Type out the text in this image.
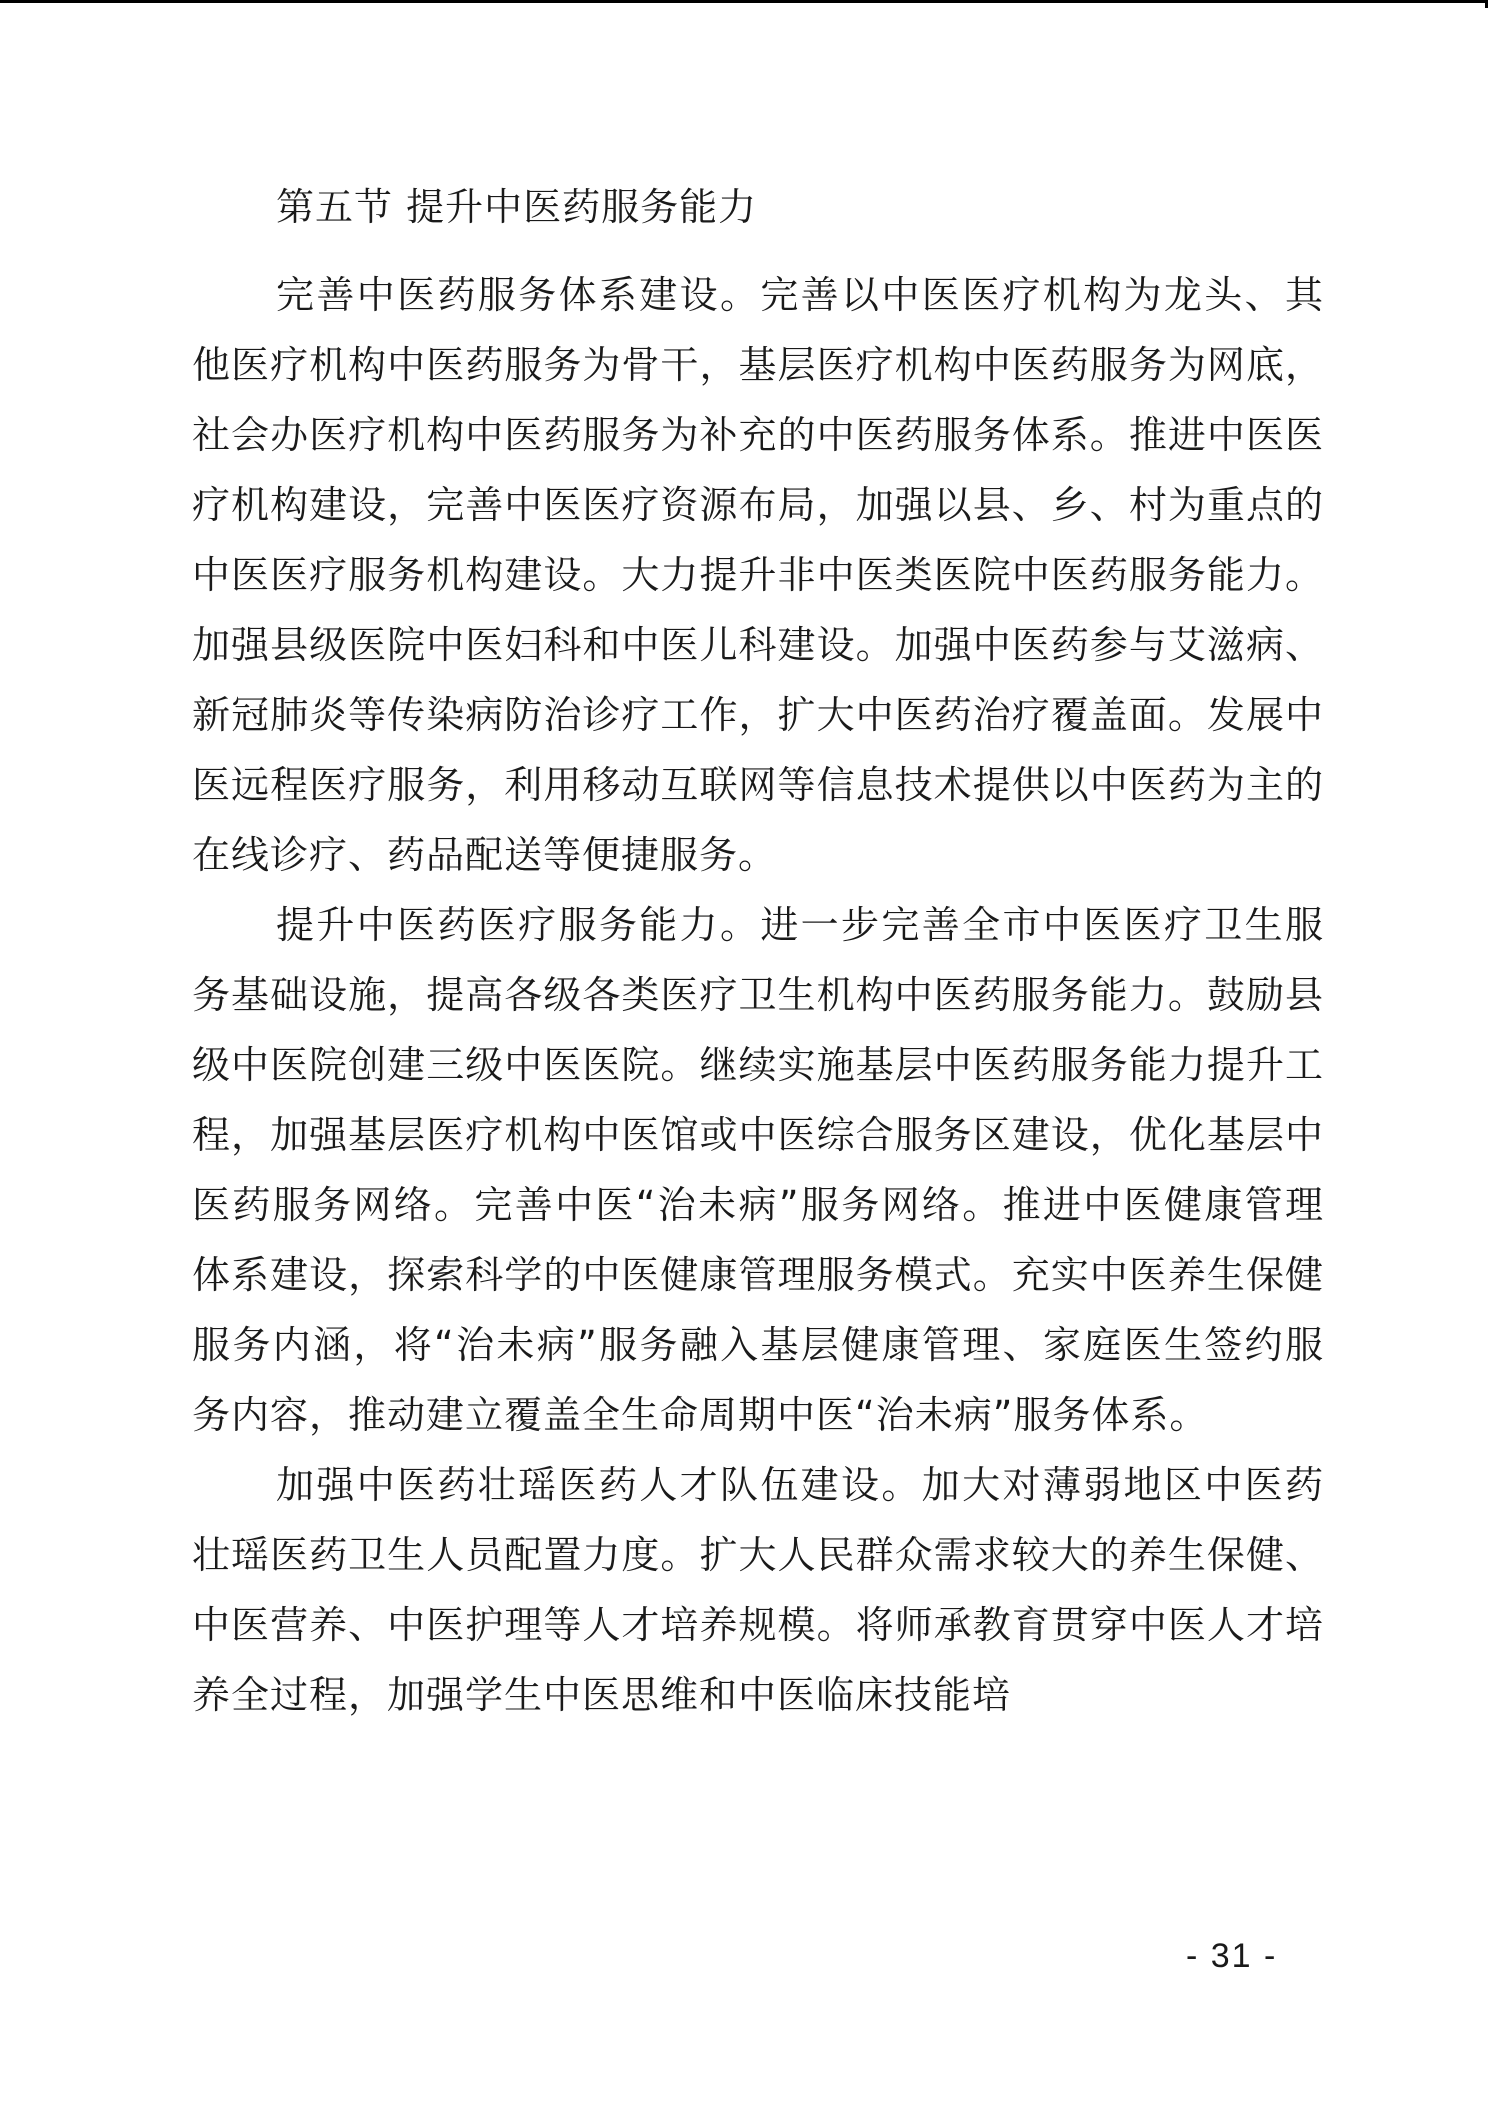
第五节 提升中医药服务能力

完善中医药服务体系建设。完善以中医医疗机构为龙头、其他医疗机构中医药服务为骨干，基层医疗机构中医药服务为网底，社会办医疗机构中医药服务为补充的中医药服务体系。推进中医医疗机构建设，完善中医医疗资源布局，加强以县、乡、村为重点的中医医疗服务机构建设。大力提升非中医类医院中医药服务能力。加强县级医院中医妇科和中医儿科建设。加强中医药参与艾滋病、新冠肺炎等传染病防治诊疗工作，扩大中医药治疗覆盖面。发展中医远程医疗服务，利用移动互联网等信息技术提供以中医药为主的在线诊疗、药品配送等便捷服务。

提升中医药医疗服务能力。进一步完善全市中医医疗卫生服务基础设施，提高各级各类医疗卫生机构中医药服务能力。鼓励县级中医院创建三级中医医院。继续实施基层中医药服务能力提升工程，加强基层医疗机构中医馆或中医综合服务区建设，优化基层中医药服务网络。完善中医“治未病”服务网络。推进中医健康管理体系建设，探索科学的中医健康管理服务模式。充实中医养生保健服务内涵，将“治未病”服务融入基层健康管理、家庭医生签约服务内容，推动建立覆盖全生命周期中医“治未病”服务体系。

加强中医药壮瑶医药人才队伍建设。加大对薄弱地区中医药壮瑶医药卫生人员配置力度。扩大人民群众需求较大的养生保健、中医营养、中医护理等人才培养规模。将师承教育贯穿中医人才培养全过程，加强学生中医思维和中医临床技能培

- 31 -
